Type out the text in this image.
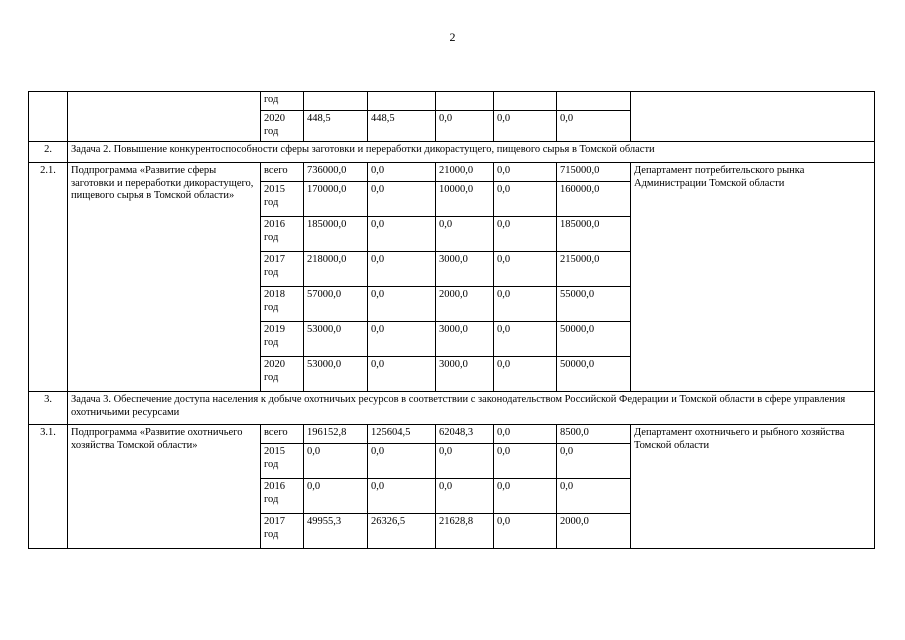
2
		год						
		2020 год	448,5	448,5	0,0	0,0	0,0	
2.	Задача 2. Повышение конкурентоспособности сферы заготовки и переработки дикорастущего, пищевого сырья в Томской области							
2.1.	Подпрограмма «Развитие сферы заготовки и переработки дикорастущего, пищевого сырья в Томской области»	всего	736000,0	0,0	21000,0	0,0	715000,0	Департамент потребительского рынка Администрации Томской области
		2015 год	170000,0	0,0	10000,0	0,0	160000,0	
		2016 год	185000,0	0,0	0,0	0,0	185000,0	
		2017 год	218000,0	0,0	3000,0	0,0	215000,0	
		2018 год	57000,0	0,0	2000,0	0,0	55000,0	
		2019 год	53000,0	0,0	3000,0	0,0	50000,0	
		2020 год	53000,0	0,0	3000,0	0,0	50000,0	
3.	Задача 3. Обеспечение доступа населения к добыче охотничьих ресурсов в соответствии с законодательством Российской Федерации и Томской области в сфере управления охотничьими ресурсами							
3.1.	Подпрограмма «Развитие охотничьего хозяйства Томской области»	всего	196152,8	125604,5	62048,3	0,0	8500,0	Департамент охотничьего и рыбного хозяйства Томской области
		2015 год	0,0	0,0	0,0	0,0	0,0	
		2016 год	0,0	0,0	0,0	0,0	0,0	
		2017 год	49955,3	26326,5	21628,8	0,0	2000,0	
